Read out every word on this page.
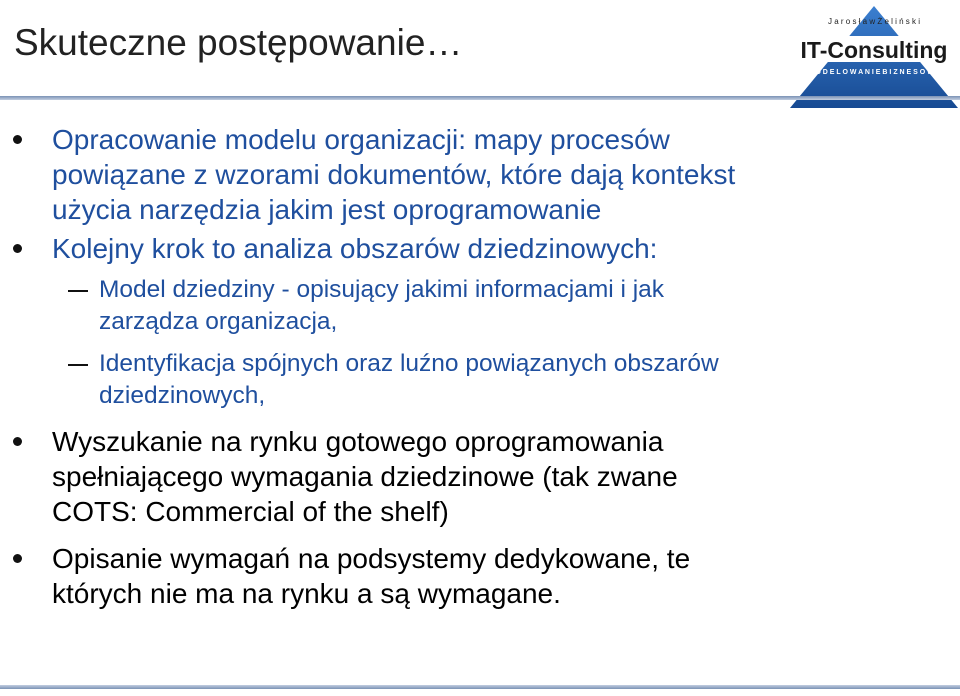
Skuteczne postępowanie…
J a r o s ł a w Ż e l i ń s k i
IT-Consulting
M O D E L O W A N I E B I Z N E S O W E
Opracowanie modelu organizacji: mapy procesów
powiązane z wzorami dokumentów, które dają kontekst
użycia narzędzia jakim jest oprogramowanie
Kolejny krok to analiza obszarów dziedzinowych:
Model dziedziny - opisujący jakimi informacjami i jak
zarządza organizacja,
Identyfikacja spójnych oraz luźno powiązanych obszarów
dziedzinowych,
Wyszukanie na rynku gotowego oprogramowania
spełniającego wymagania dziedzinowe (tak zwane
COTS: Commercial of the shelf)
Opisanie wymagań na podsystemy dedykowane, te
których nie ma na rynku a są wymagane.
